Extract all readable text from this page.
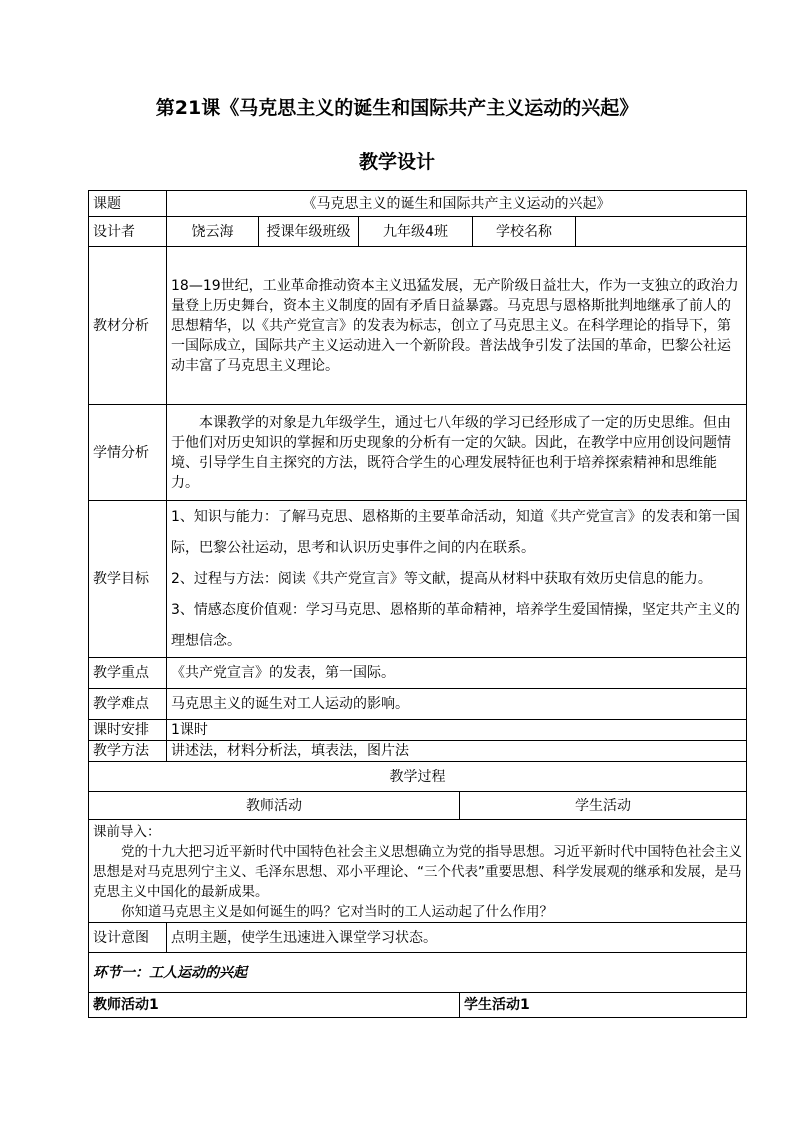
第21课《马克思主义的诞生和国际共产主义运动的兴起》
教学设计
课题	《马克思主义的诞生和国际共产主义运动的兴起》					
设计者	饶云海	授课年级班级	九年级4班		学校名称	
教材分析	18—19世纪，工业革命推动资本主义迅猛发展，无产阶级日益壮大，作为一支独立的政治力量登上历史舞台，资本主义制度的固有矛盾日益暴露。马克思与恩格斯批判地继承了前人的思想精华，以《共产党宣言》的发表为标志，创立了马克思主义。在科学理论的指导下，第一国际成立，国际共产主义运动进入一个新阶段。普法战争引发了法国的革命，巴黎公社运动丰富了马克思主义理论。					
学情分析	本课教学的对象是九年级学生，通过七八年级的学习已经形成了一定的历史思维。但由于他们对历史知识的掌握和历史现象的分析有一定的欠缺。因此，在教学中应用创设问题情境、引导学生自主探究的方法，既符合学生的心理发展特征也利于培养探索精神和思维能力。					
教学目标	1、知识与能力：了解马克思、恩格斯的主要革命活动，知道《共产党宣言》的发表和第一国际，巴黎公社运动，思考和认识历史事件之间的内在联系。
2、过程与方法：阅读《共产党宣言》等文献，提高从材料中获取有效历史信息的能力。
3、情感态度价值观：学习马克思、恩格斯的革命精神，培养学生爱国情操，坚定共产主义的理想信念。					

教学重点	《共产党宣言》的发表，第一国际。					
教学难点	马克思主义的诞生对工人运动的影响。					
课时安排	1课时					
教学方法	讲述法，材料分析法，填表法，图片法					
教学过程						
教师活动				学生活动		

课前导入：
党的十九大把习近平新时代中国特色社会主义思想确立为党的指导思想。习近平新时代中国特色社会主义思想是对马克思列宁主义、毛泽东思想、邓小平理论、“三个代表”重要思想、科学发展观的继承和发展，是马克思主义中国化的最新成果。
你知道马克思主义是如何诞生的吗？它对当时的工人运动起了什么作用？						

设计意图	点明主题，使学生迅速进入课堂学习状态。					
环节一：工人运动的兴起						
教师活动1				学生活动1		
